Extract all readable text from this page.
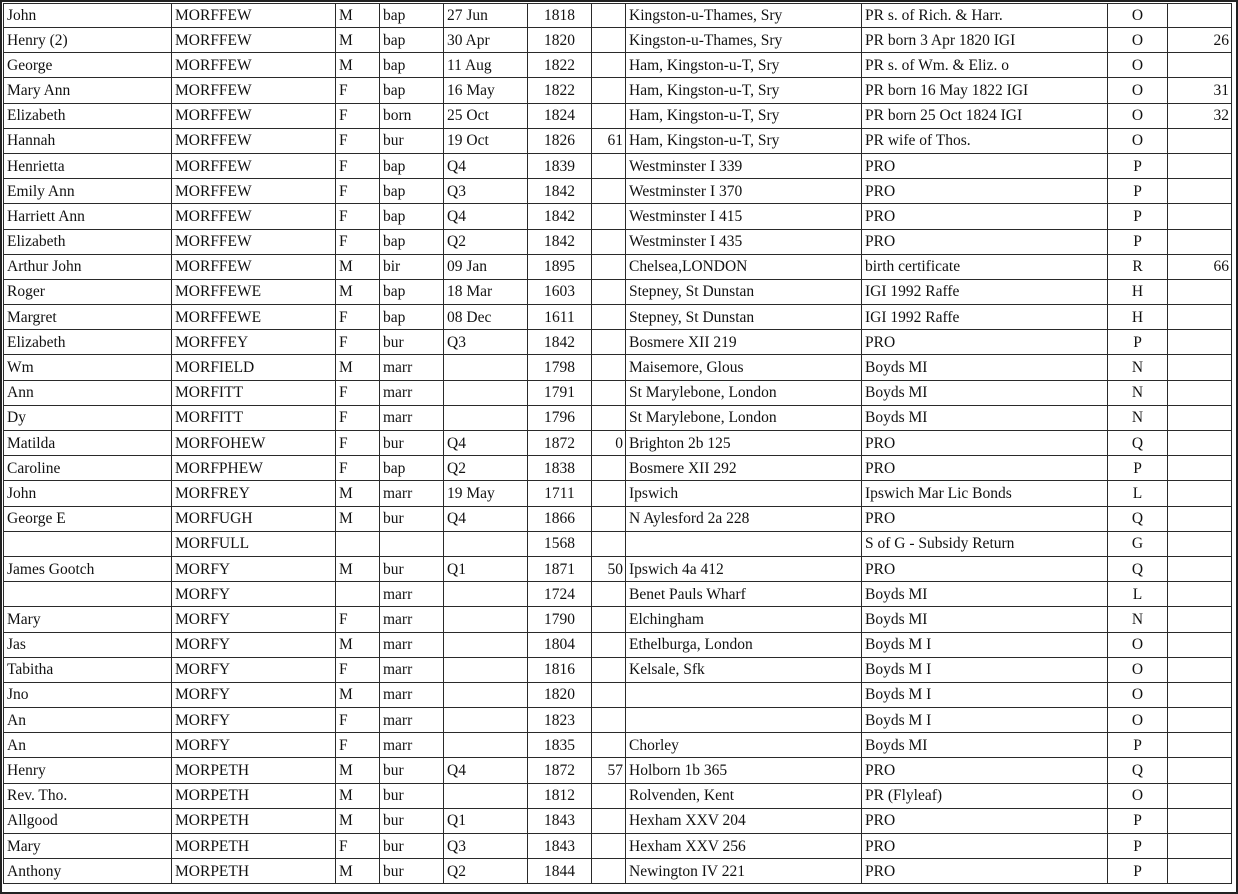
John	MORFFEW	M	bap	27 Jun	1818		Kingston-u-Thames, Sry	PR s. of Rich. & Harr.	O	
Henry (2)	MORFFEW	M	bap	30 Apr	1820		Kingston-u-Thames, Sry	PR born 3 Apr 1820 IGI	O	26
George	MORFFEW	M	bap	11 Aug	1822		Ham, Kingston-u-T, Sry	PR s. of Wm. & Eliz. o	O	
Mary Ann	MORFFEW	F	bap	16 May	1822		Ham, Kingston-u-T, Sry	PR born 16 May 1822 IGI	O	31
Elizabeth	MORFFEW	F	born	25 Oct	1824		Ham, Kingston-u-T, Sry	PR born 25 Oct 1824 IGI	O	32
Hannah	MORFFEW	F	bur	19 Oct	1826	61	Ham, Kingston-u-T, Sry	PR wife of Thos.	O	
Henrietta	MORFFEW	F	bap	Q4	1839		Westminster I 339	PRO	P	
Emily Ann	MORFFEW	F	bap	Q3	1842		Westminster I 370	PRO	P	
Harriett Ann	MORFFEW	F	bap	Q4	1842		Westminster I 415	PRO	P	
Elizabeth	MORFFEW	F	bap	Q2	1842		Westminster I 435	PRO	P	
Arthur John	MORFFEW	M	bir	09 Jan	1895		Chelsea,LONDON	birth certificate	R	66
Roger	MORFFEWE	M	bap	18 Mar	1603		Stepney, St Dunstan	IGI 1992 Raffe	H	
Margret	MORFFEWE	F	bap	08 Dec	1611		Stepney, St Dunstan	IGI 1992 Raffe	H	
Elizabeth	MORFFEY	F	bur	Q3	1842		Bosmere XII 219	PRO	P	
Wm	MORFIELD	M	marr		1798		Maisemore, Glous	Boyds MI	N	
Ann	MORFITT	F	marr		1791		St Marylebone, London	Boyds MI	N	
Dy	MORFITT	F	marr		1796		St Marylebone, London	Boyds MI	N	
Matilda	MORFOHEW	F	bur	Q4	1872	0	Brighton 2b 125	PRO	Q	
Caroline	MORFPHEW	F	bap	Q2	1838		Bosmere XII 292	PRO	P	
John	MORFREY	M	marr	19 May	1711		Ipswich	Ipswich Mar Lic Bonds	L	
George E	MORFUGH	M	bur	Q4	1866		N Aylesford 2a 228	PRO	Q	
	MORFULL				1568			S of G - Subsidy Return	G	
James Gootch	MORFY	M	bur	Q1	1871	50	Ipswich 4a 412	PRO	Q	
	MORFY		marr		1724		Benet Pauls Wharf	Boyds MI	L	
Mary	MORFY	F	marr		1790		Elchingham	Boyds MI	N	
Jas	MORFY	M	marr		1804		Ethelburga, London	Boyds M I	O	
Tabitha	MORFY	F	marr		1816		Kelsale, Sfk	Boyds M I	O	
Jno	MORFY	M	marr		1820			Boyds M I	O	
An	MORFY	F	marr		1823			Boyds M I	O	
An	MORFY	F	marr		1835		Chorley	Boyds MI	P	
Henry	MORPETH	M	bur	Q4	1872	57	Holborn 1b 365	PRO	Q	
Rev. Tho.	MORPETH	M	bur		1812		Rolvenden, Kent	PR (Flyleaf)	O	
Allgood	MORPETH	M	bur	Q1	1843		Hexham XXV 204	PRO	P	
Mary	MORPETH	F	bur	Q3	1843		Hexham XXV 256	PRO	P	
Anthony	MORPETH	M	bur	Q2	1844		Newington IV 221	PRO	P	
